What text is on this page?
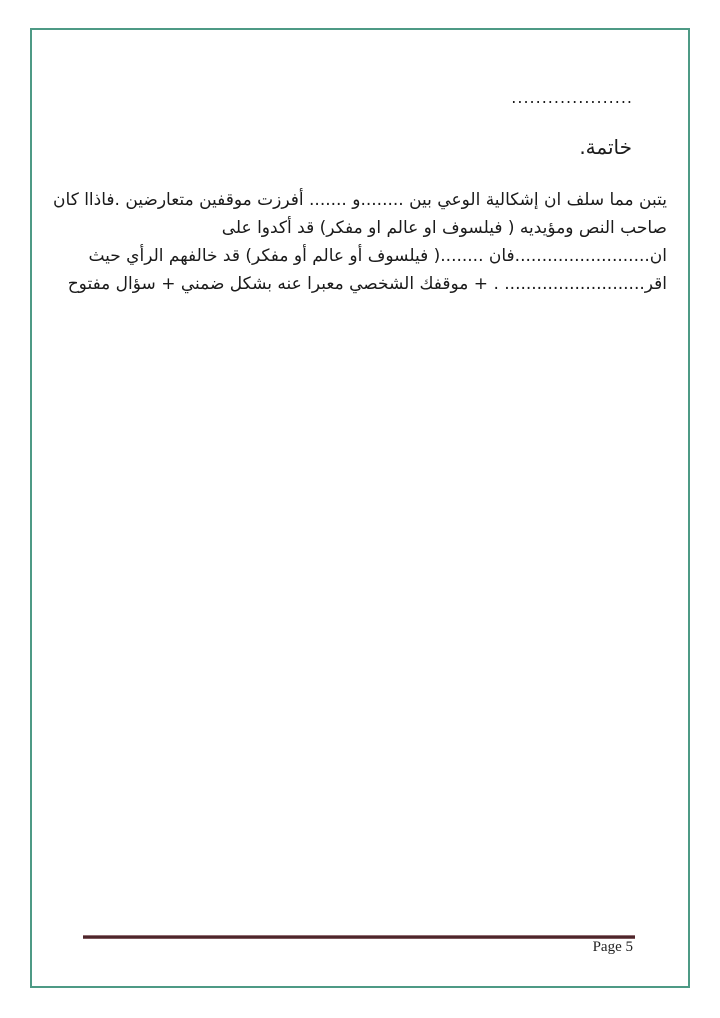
....................
خاتمة.
يتبن مما سلف ان إشكالية الوعي بين ........و ....... أفرزت موقفين متعارضين .فاذاا كان
صاحب النص ومؤيديه ( فيلسوف او عالم او مفكر) قد أكدوا على
ان.........................فان ........( فيلسوف أو عالم أو مفكر) قد خالفهم الرأي حيث
اقر.......................... . + موقفك الشخصي معبرا عنه بشكل ضمني + سؤال مفتوح
Page 5
